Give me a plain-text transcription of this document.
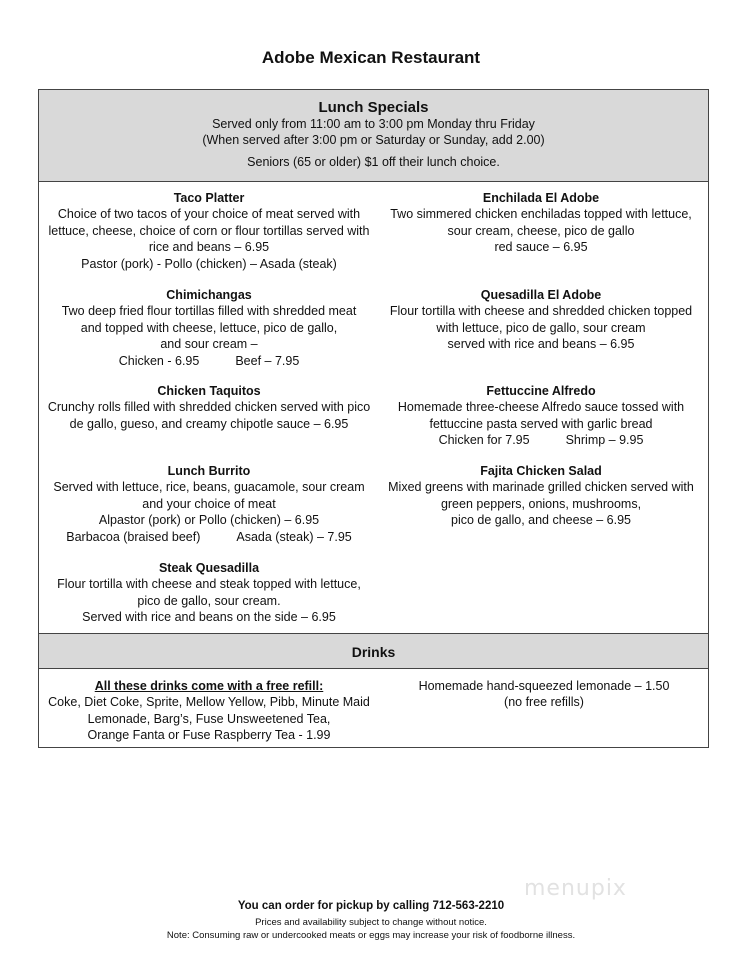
Adobe Mexican Restaurant
Lunch Specials
Served only from 11:00 am to 3:00 pm Monday thru Friday
(When served after 3:00 pm or Saturday or Sunday, add 2.00)
Seniors (65 or older) $1 off their lunch choice.
Taco Platter
Choice of two tacos of your choice of meat served with
lettuce, cheese, choice of corn or flour tortillas served with
rice and beans – 6.95
Pastor (pork) - Pollo (chicken) – Asada (steak)
Chimichangas
Two deep fried flour tortillas filled with shredded meat
and topped with cheese, lettuce, pico de gallo,
and sour cream –
Chicken - 6.95	Beef – 7.95
Chicken Taquitos
Crunchy rolls filled with shredded chicken served with pico
de gallo, gueso, and creamy chipotle sauce – 6.95
Lunch Burrito
Served with lettuce, rice, beans, guacamole, sour cream
and your choice of meat
Alpastor (pork) or Pollo (chicken) – 6.95
Barbacoa (braised beef)	Asada (steak) – 7.95
Steak Quesadilla
Flour tortilla with cheese and steak topped with lettuce,
pico de gallo, sour cream.
Served with rice and beans on the side – 6.95
Enchilada El Adobe
Two simmered chicken enchiladas topped with lettuce,
sour cream, cheese, pico de gallo
red sauce – 6.95
Quesadilla El Adobe
Flour tortilla with cheese and shredded chicken topped
with lettuce, pico de gallo, sour cream
served with rice and beans – 6.95
Fettuccine Alfredo
Homemade three-cheese Alfredo sauce tossed with
fettuccine pasta served with garlic bread
Chicken for 7.95	Shrimp – 9.95
Fajita Chicken Salad
Mixed greens with marinade grilled chicken served with
green peppers, onions, mushrooms,
pico de gallo, and cheese – 6.95
Drinks
All these drinks come with a free refill:
Coke, Diet Coke, Sprite, Mellow Yellow, Pibb, Minute Maid
Lemonade, Barg’s, Fuse Unsweetened Tea,
Orange Fanta or Fuse Raspberry Tea - 1.99
Homemade hand-squeezed lemonade – 1.50
(no free refills)
menupix
You can order for pickup by calling 712-563-2210
Prices and availability subject to change without notice.
Note: Consuming raw or undercooked meats or eggs may increase your risk of foodborne illness.
